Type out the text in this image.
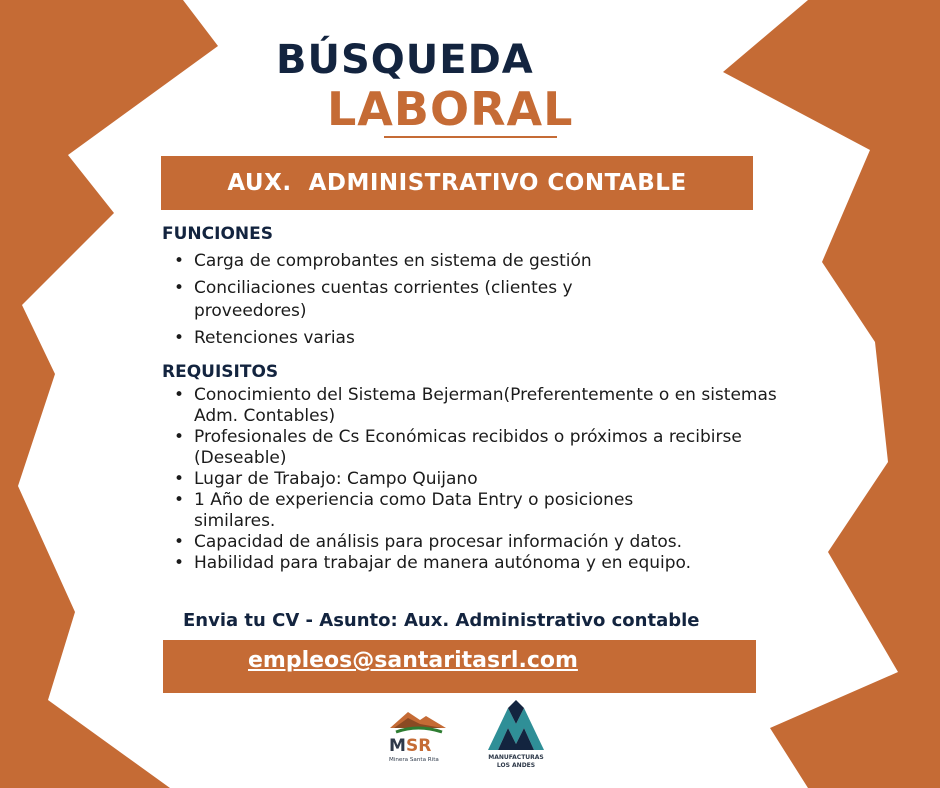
BÚSQUEDA
LABORAL
AUX.  ADMINISTRATIVO CONTABLE
FUNCIONES
• Carga de comprobantes en sistema de gestión
• Conciliaciones cuentas corrientes (clientes y proveedores)
• Retenciones varias
REQUISITOS
• Conocimiento del Sistema Bejerman(Preferentemente o en sistemas Adm. Contables)
• Profesionales de Cs Económicas recibidos o próximos a recibirse (Deseable)
• Lugar de Trabajo: Campo Quijano
• 1 Año de experiencia como Data Entry o posiciones similares.
• Capacidad de análisis para procesar información y datos.
• Habilidad para trabajar de manera autónoma y en equipo.
Envia tu CV - Asunto: Aux. Administrativo contable
empleos@santaritasrl.com
M SR
Minera Santa Rita	MANUFACTURAS
LOS ANDES
